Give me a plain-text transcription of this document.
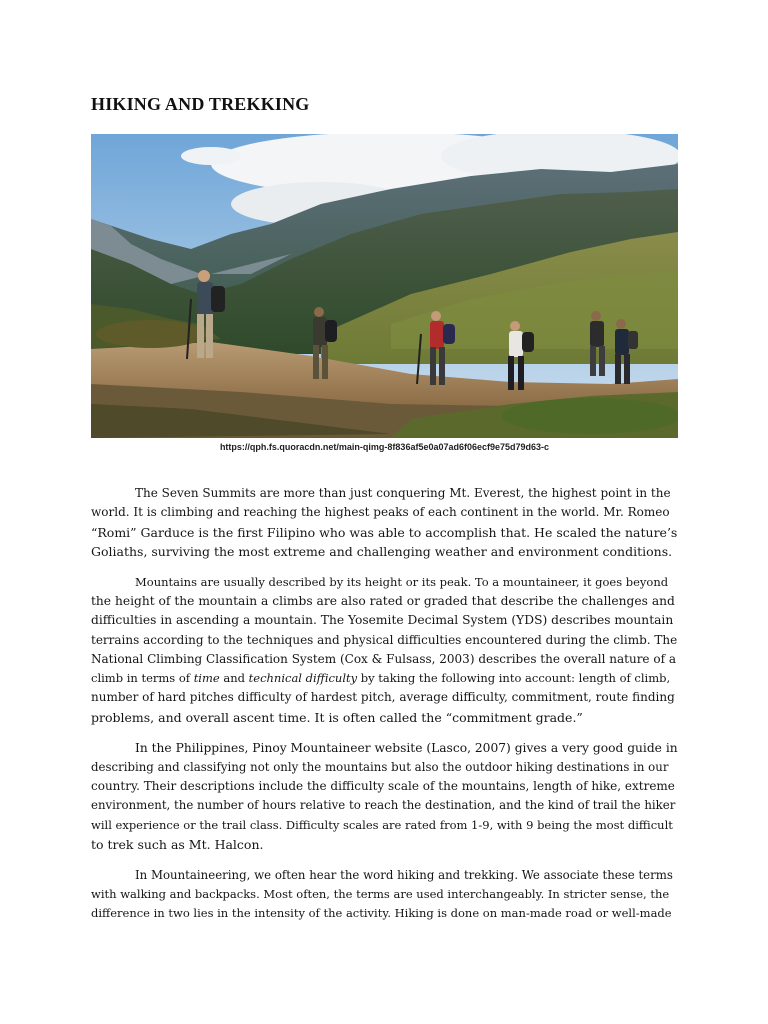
HIKING AND TREKKING
https://qph.fs.quoracdn.net/main-qimg-8f836af5e0a07ad6f06ecf9e75d79d63-c

The Seven Summits are more than just conquering Mt. Everest, the highest point in the
world. It is climbing and reaching the highest peaks of each continent in the world. Mr. Romeo
“Romi” Garduce is the first Filipino who was able to accomplish that. He scaled the nature’s
Goliaths, surviving the most extreme and challenging weather and environment conditions.

Mountains are usually described by its height or its peak. To a mountaineer, it goes beyond
the height of the mountain a climbs are also rated or graded that describe the challenges and
difficulties in ascending a mountain. The Yosemite Decimal System (YDS) describes mountain
terrains according to the techniques and physical difficulties encountered during the climb. The
National Climbing Classification System (Cox & Fulsass, 2003) describes the overall nature of a
climb in terms of time and technical difficulty by taking the following into account: length of climb,
number of hard pitches difficulty of hardest pitch, average difficulty, commitment, route finding
problems, and overall ascent time. It is often called the “commitment grade.”

In the Philippines, Pinoy Mountaineer website (Lasco, 2007) gives a very good guide in
describing and classifying not only the mountains but also the outdoor hiking destinations in our
country. Their descriptions include the difficulty scale of the mountains, length of hike, extreme
environment, the number of hours relative to reach the destination, and the kind of trail the hiker
will experience or the trail class. Difficulty scales are rated from 1-9, with 9 being the most difficult
to trek such as Mt. Halcon.

In Mountaineering, we often hear the word hiking and trekking. We associate these terms
with walking and backpacks. Most often, the terms are used interchangeably. In stricter sense, the
difference in two lies in the intensity of the activity. Hiking is done on man-made road or well-made
